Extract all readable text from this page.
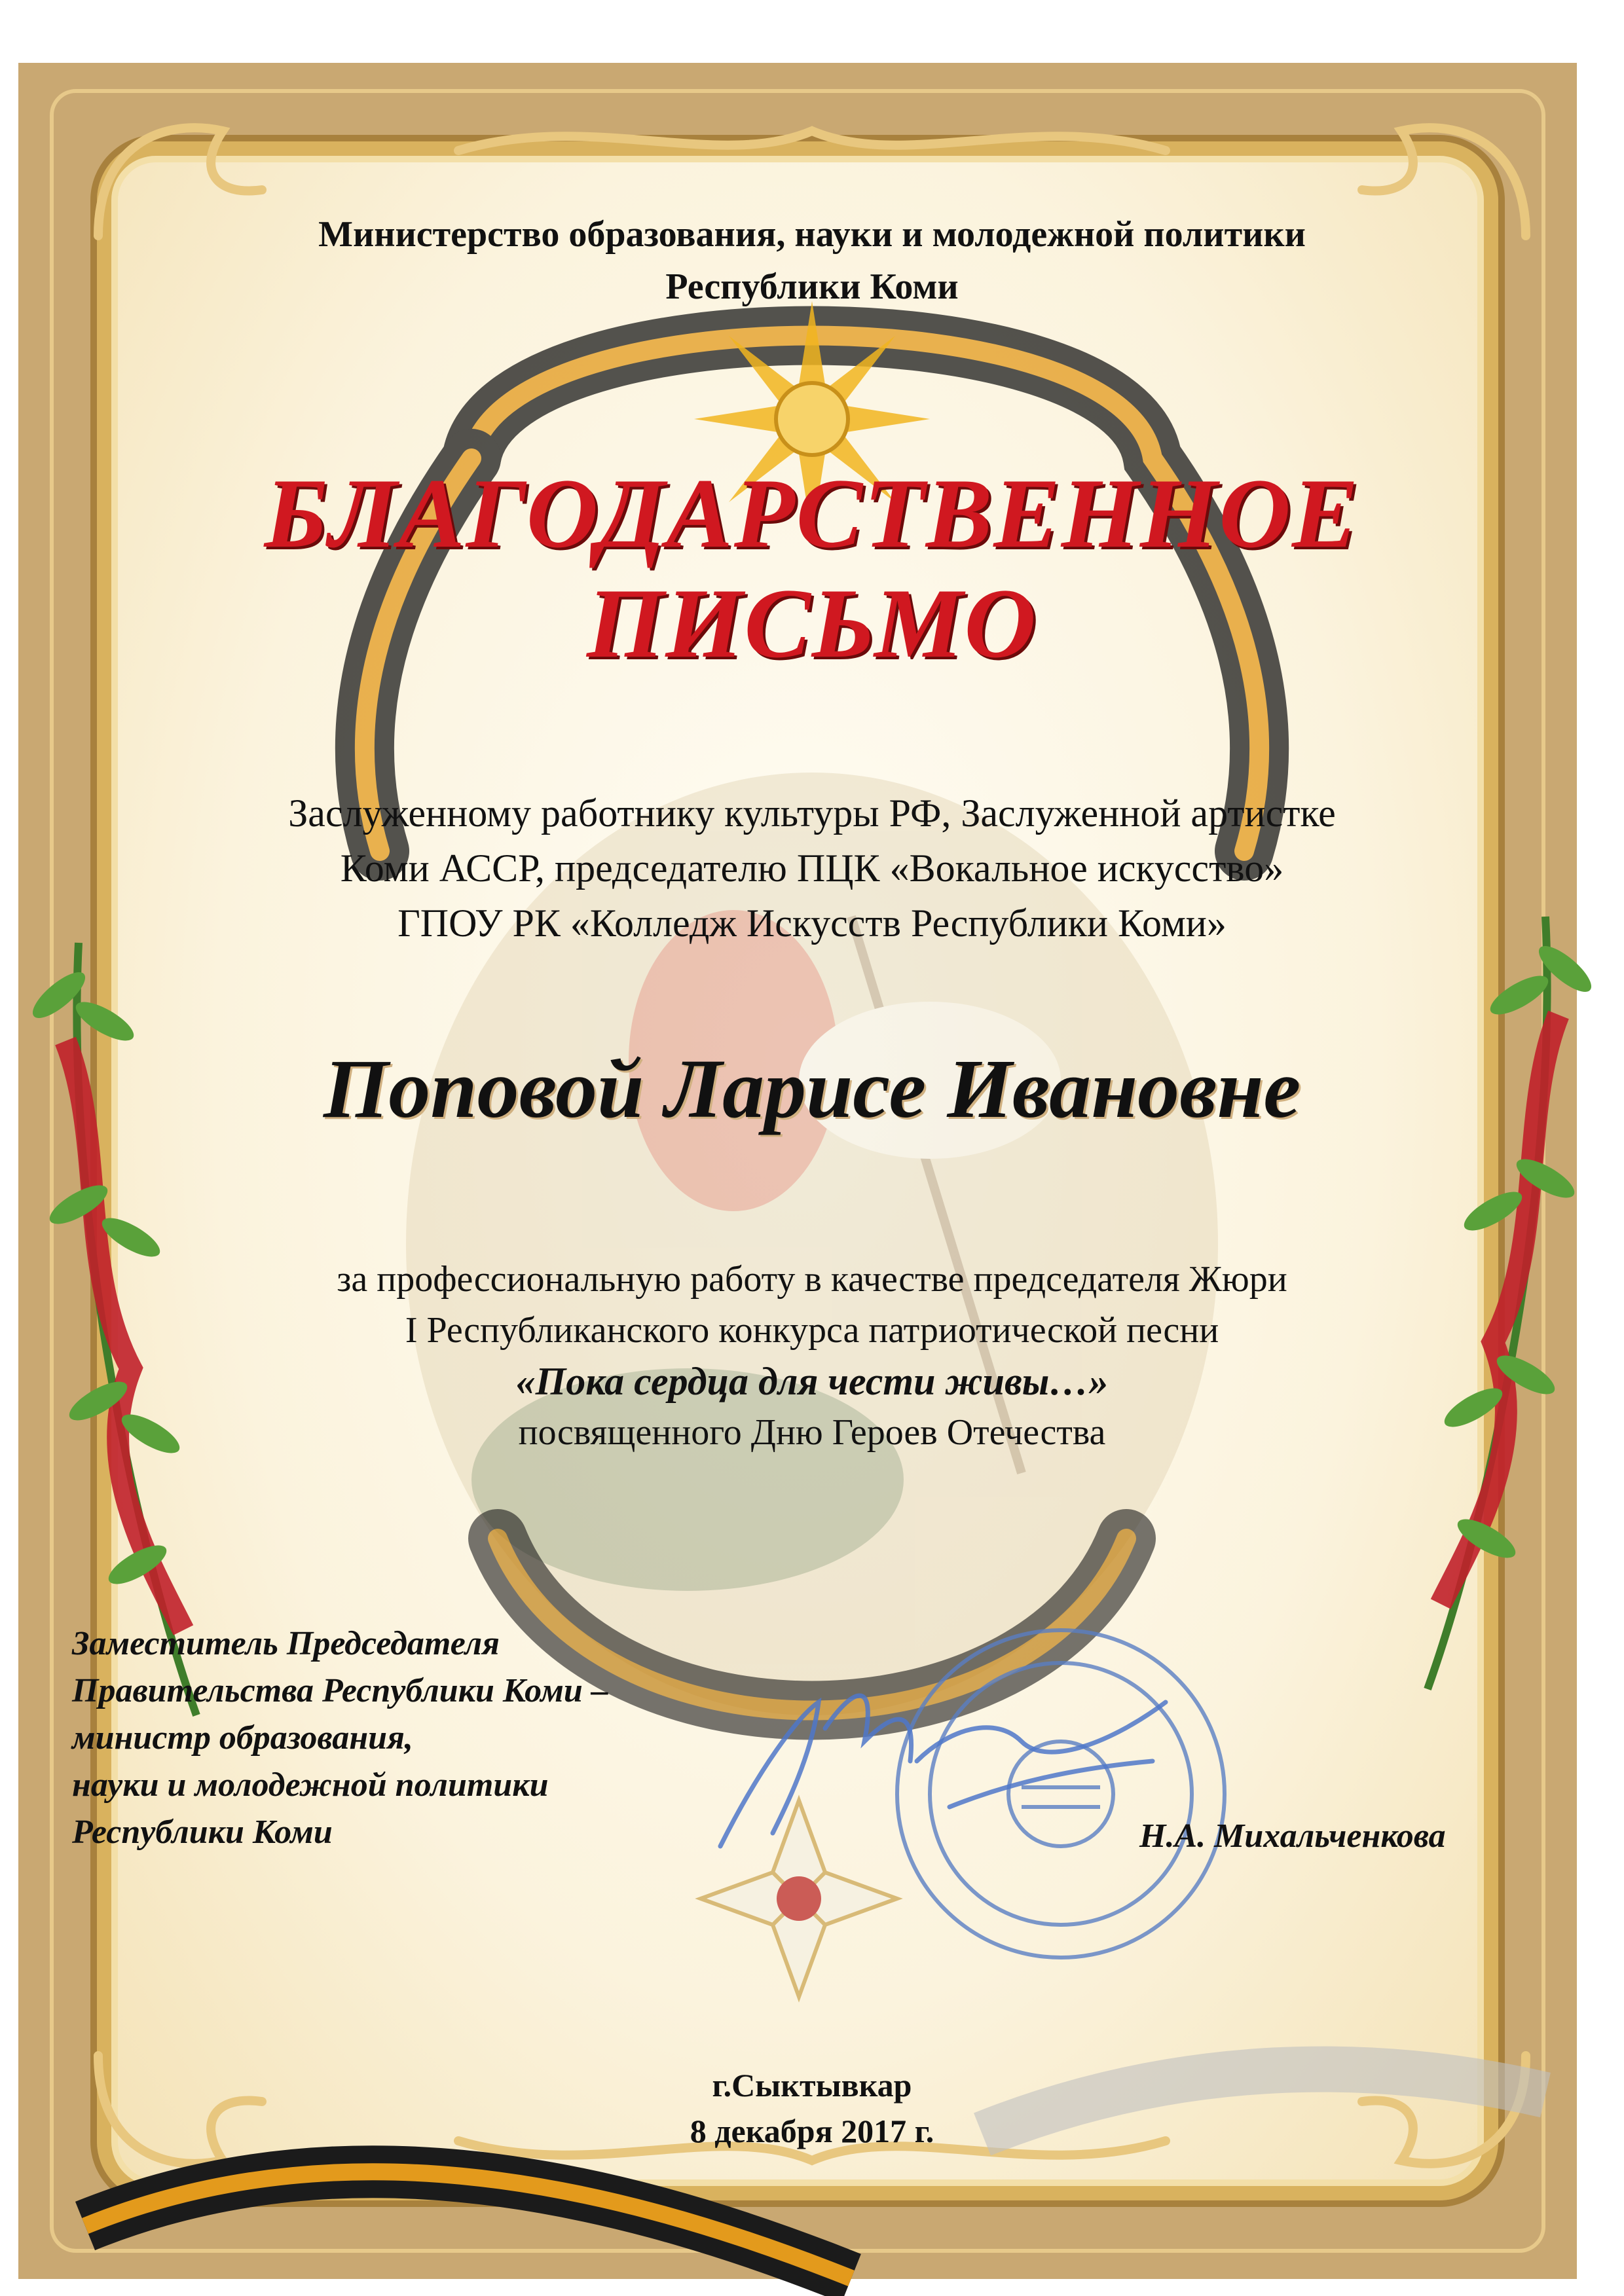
Министерство образования, науки и молодежной политики
Республики Коми
БЛАГОДАРСТВЕННОЕ
ПИСЬМО
Заслуженному работнику культуры РФ, Заслуженной артистке
Коми АССР, председателю ПЦК «Вокальное искусство»
ГПОУ РК «Колледж Искусств Республики Коми»
Поповой Ларисе Ивановне
за профессиональную работу в качестве председателя Жюри
I Республиканского конкурса патриотической песни
«Пока сердца для чести живы…»
посвященного Дню Героев Отечества
Заместитель Председателя
Правительства Республики Коми –
министр образования,
науки и молодежной политики
Республики Коми	Н.А. Михальченкова
г.Сыктывкар
8 декабря 2017 г.
